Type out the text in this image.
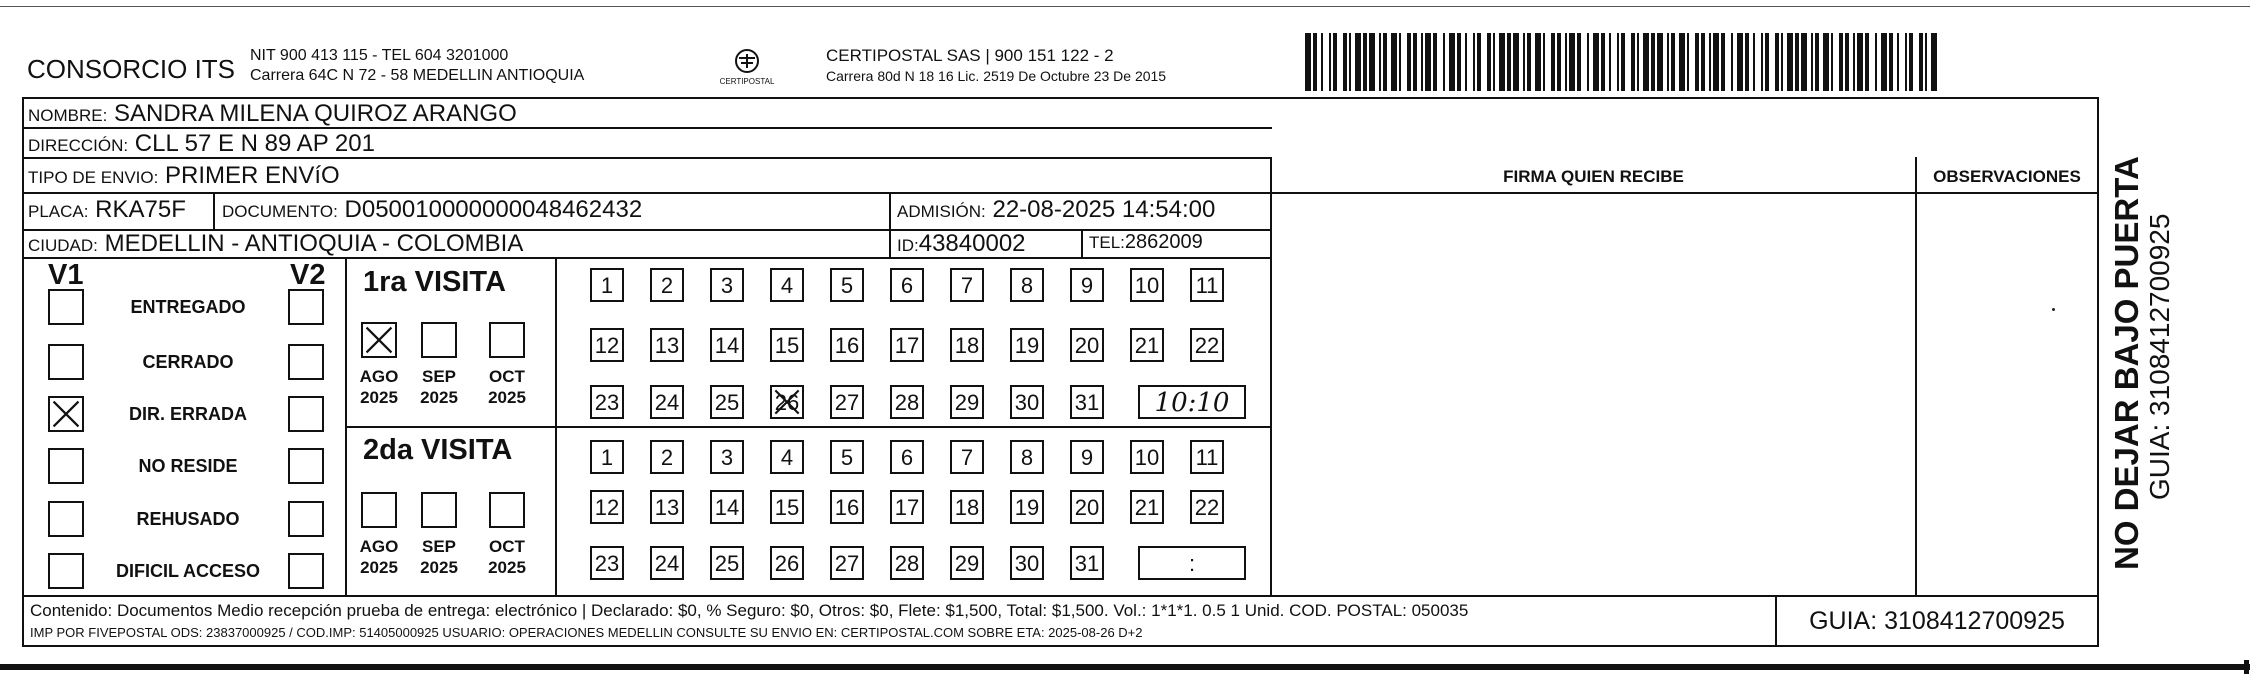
CONSORCIO ITS NIT 900 413 115 - TEL 604 3201000
Carrera 64C N 72 - 58 MEDELLIN ANTIOQUIA	CERTIPOSTAL
CERTIPOSTAL SAS | 900 151 122 - 2
Carrera 80d N 18 16 Lic. 2519 De Octubre 23 De 2015
NOMBRE: SANDRA MILENA QUIROZ ARANGO
DIRECCIÓN: CLL 57 E N 89 AP 201
TIPO DE ENVIO: PRIMER ENVíO
PLACA: RKA75F DOCUMENTO: D050010000000048462432	ADMISIÓN: 22-08-2025 14:54:00
CIUDAD: MEDELLIN - ANTIOQUIA - COLOMBIA	ID:43840002	TEL:2862009
FIRMA QUIEN RECIBE	OBSERVACIONES
V1	V2
ENTREGADO
CERRADO
DIR. ERRADA
NO RESIDE
REHUSADO
DIFICIL ACCESO
1ra VISITA
2da VISITA
AGO
2025
SEP
2025
OCT
2025
AGO
2025
SEP
2025
OCT
2025
1	2	3	4	5	6	7	8	9	10 11
12 13 14 15 16 17 18 19 20 21 22
23 24 25 26 27 28 29 30 31	10:10
1	2	3	4	5	6	7	8	9	10 11
12 13 14 15 16 17 18 19 20 21 22
23 24 25 26 27 28 29 30 31	:
Contenido: Documentos Medio recepción prueba de entrega: electrónico | Declarado: $0, % Seguro: $0, Otros: $0, Flete: $1,500, Total: $1,500. Vol.: 1*1*1. 0.5 1 Unid. COD. POSTAL: 050035
IMP POR FIVEPOSTAL ODS: 23837000925 / COD.IMP: 51405000925 USUARIO: OPERACIONES MEDELLIN CONSULTE SU ENVIO EN: CERTIPOSTAL.COM SOBRE ETA: 2025-08-26 D+2	GUIA: 3108412700925
NO DEJAR BAJO PUERTA GUIA: 3108412700925
